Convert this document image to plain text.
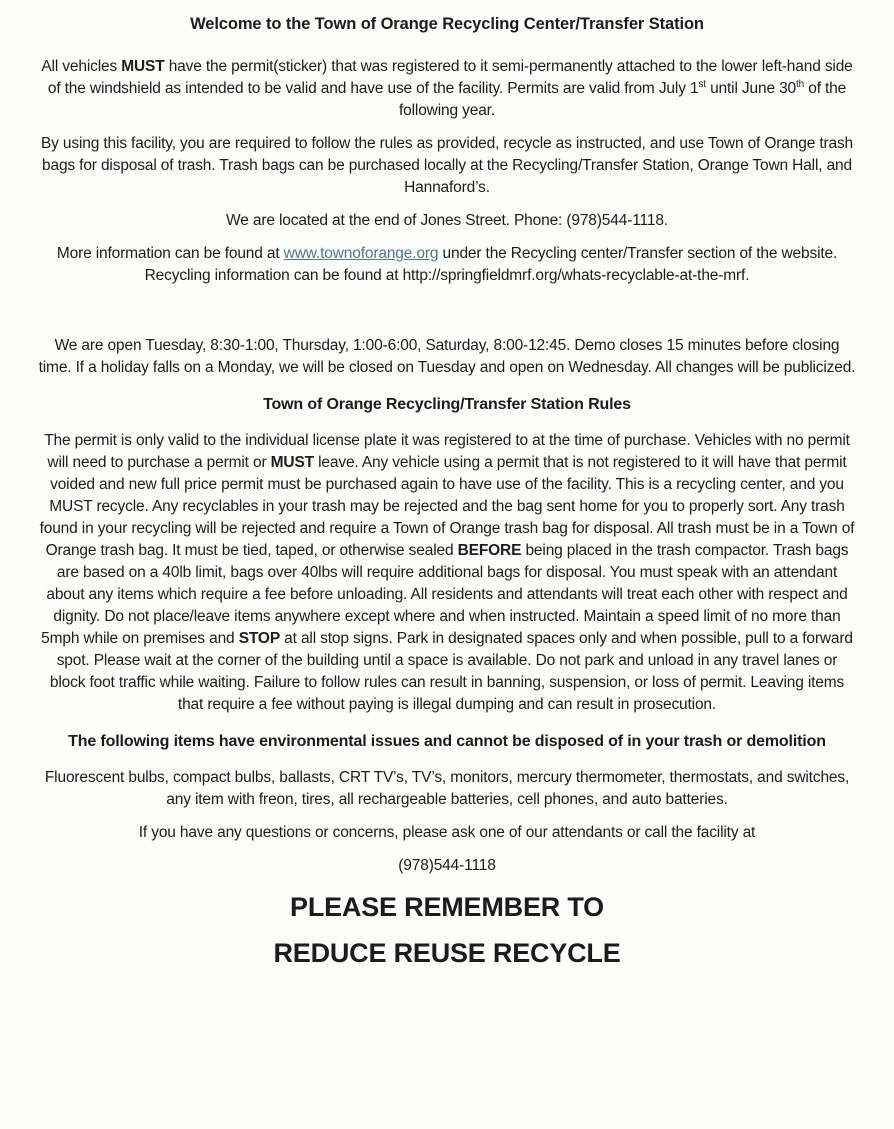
Welcome to the Town of Orange Recycling Center/Transfer Station

All vehicles MUST have the permit(sticker) that was registered to it semi-permanently attached to the lower left-hand side of the windshield as intended to be valid and have use of the facility. Permits are valid from July 1st until June 30th of the following year.

By using this facility, you are required to follow the rules as provided, recycle as instructed, and use Town of Orange trash bags for disposal of trash. Trash bags can be purchased locally at the Recycling/Transfer Station, Orange Town Hall, and Hannaford’s.

We are located at the end of Jones Street. Phone: (978)544-1118.

More information can be found at www.townoforange.org under the Recycling center/Transfer section of the website. Recycling information can be found at http://springfieldmrf.org/whats-recyclable-at-the-mrf.

We are open Tuesday, 8:30-1:00, Thursday, 1:00-6:00, Saturday, 8:00-12:45. Demo closes 15 minutes before closing time. If a holiday falls on a Monday, we will be closed on Tuesday and open on Wednesday. All changes will be publicized.

Town of Orange Recycling/Transfer Station Rules

The permit is only valid to the individual license plate it was registered to at the time of purchase. Vehicles with no permit will need to purchase a permit or MUST leave. Any vehicle using a permit that is not registered to it will have that permit voided and new full price permit must be purchased again to have use of the facility. This is a recycling center, and you MUST recycle. Any recyclables in your trash may be rejected and the bag sent home for you to properly sort. Any trash found in your recycling will be rejected and require a Town of Orange trash bag for disposal. All trash must be in a Town of Orange trash bag. It must be tied, taped, or otherwise sealed BEFORE being placed in the trash compactor. Trash bags are based on a 40lb limit, bags over 40lbs will require additional bags for disposal. You must speak with an attendant about any items which require a fee before unloading. All residents and attendants will treat each other with respect and dignity. Do not place/leave items anywhere except where and when instructed. Maintain a speed limit of no more than 5mph while on premises and STOP at all stop signs. Park in designated spaces only and when possible, pull to a forward spot. Please wait at the corner of the building until a space is available. Do not park and unload in any travel lanes or block foot traffic while waiting. Failure to follow rules can result in banning, suspension, or loss of permit. Leaving items that require a fee without paying is illegal dumping and can result in prosecution.

The following items have environmental issues and cannot be disposed of in your trash or demolition

Fluorescent bulbs, compact bulbs, ballasts, CRT TV’s, TV’s, monitors, mercury thermometer, thermostats, and switches, any item with freon, tires, all rechargeable batteries, cell phones, and auto batteries.

If you have any questions or concerns, please ask one of our attendants or call the facility at

(978)544-1118

PLEASE REMEMBER TO
REDUCE REUSE RECYCLE
